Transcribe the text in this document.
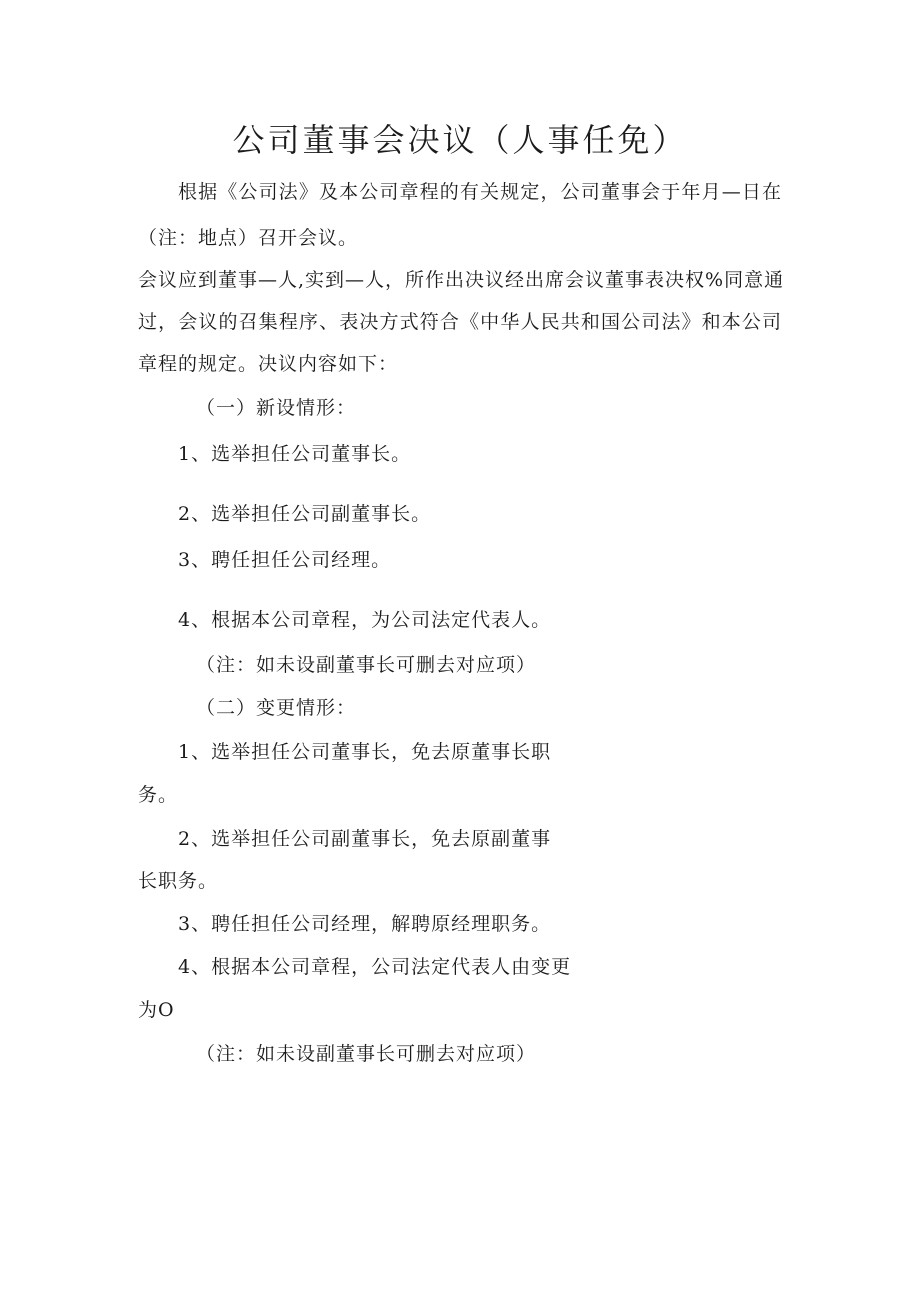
公司董事会决议（人事任免）
根据《公司法》及本公司章程的有关规定，公司董事会于年月—日在
（注：地点）召开会议。
会议应到董事—人,实到—人，所作出决议经出席会议董事表决权%同意通
过，会议的召集程序、表决方式符合《中华人民共和国公司法》和本公司
章程的规定。决议内容如下：
（一）新设情形：
1、选举担任公司董事长。
2、选举担任公司副董事长。
3、聘任担任公司经理。
4、根据本公司章程，为公司法定代表人。
（注：如未设副董事长可删去对应项）
（二）变更情形：
1、选举担任公司董事长，免去原董事长职
务。
2、选举担任公司副董事长，免去原副董事
长职务。
3、聘任担任公司经理，解聘原经理职务。
4、根据本公司章程，公司法定代表人由变更
为O
（注：如未设副董事长可删去对应项）
